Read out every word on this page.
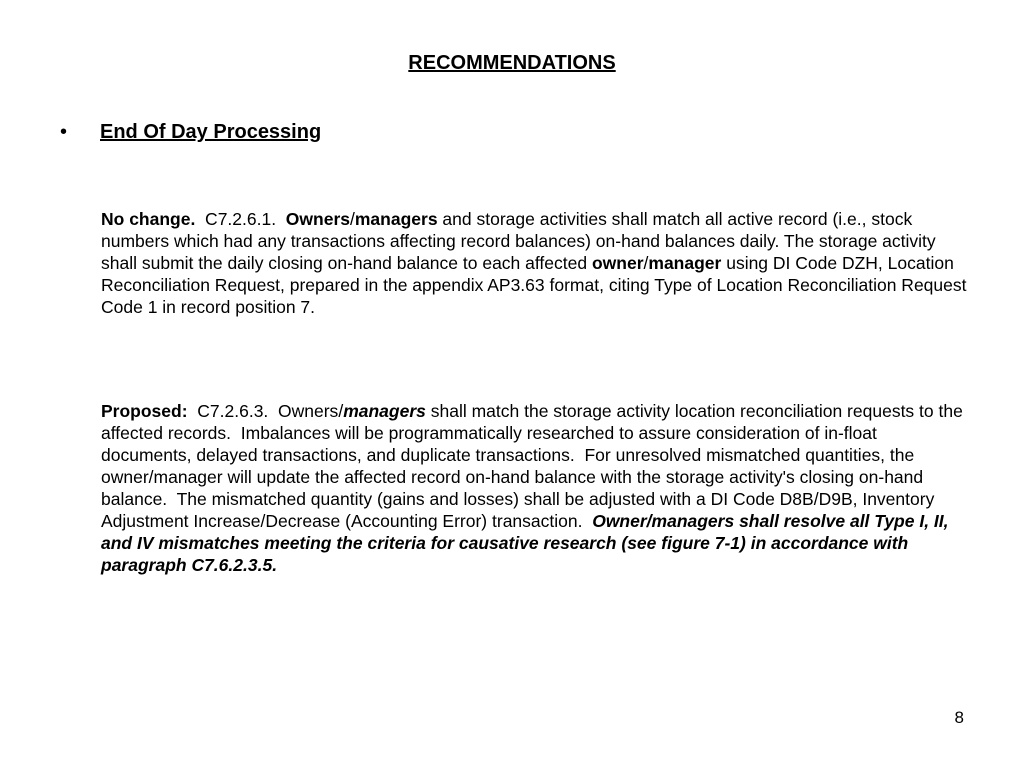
RECOMMENDATIONS
• End Of Day Processing

No change.  C7.2.6.1.  Owners/managers and storage activities shall match all active record (i.e., stock numbers which had any transactions affecting record balances) on-hand balances daily. The storage activity shall submit the daily closing on-hand balance to each affected owner/manager using DI Code DZH, Location Reconciliation Request, prepared in the appendix AP3.63 format, citing Type of Location Reconciliation Request Code 1 in record position 7.

Proposed:  C7.2.6.3.  Owners/managers shall match the storage activity location reconciliation requests to the affected records.  Imbalances will be programmatically researched to assure consideration of in-float documents, delayed transactions, and duplicate transactions.  For unresolved mismatched quantities, the owner/manager will update the affected record on-hand balance with the storage activity's closing on-hand balance.  The mismatched quantity (gains and losses) shall be adjusted with a DI Code D8B/D9B, Inventory Adjustment Increase/Decrease (Accounting Error) transaction.  Owner/managers shall resolve all Type I, II, and IV mismatches meeting the criteria for causative research (see figure 7-1) in accordance with paragraph C7.6.2.3.5.

8
